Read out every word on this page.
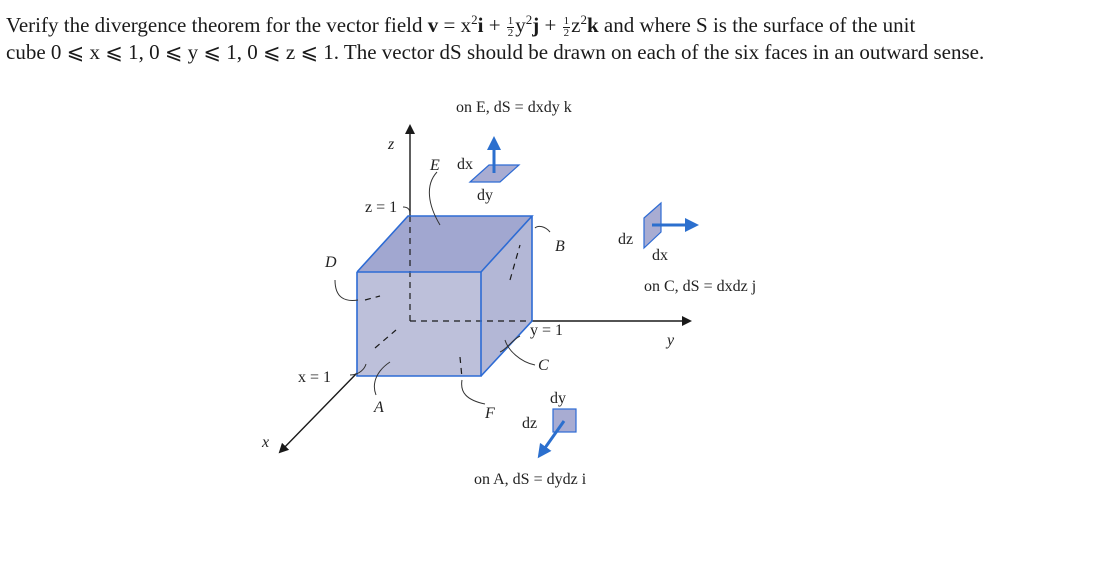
Verify the divergence theorem for the vector field $v = x^2i + \frac{1}{2} y^2j + \frac{1}{2} z^2k$ and where S is the surface of the unit
cube 0 ⩽ x ⩽ 1, 0 ⩽ y ⩽ 1, 0 ⩽ z ⩽ 1. The vector dS should be drawn on each of the six faces in an outward sense.

on E, dS = dxdy k
on C, dS = dxdz j
on A, dS = dydz i
z
y
x
z = 1
y = 1
x = 1
E
B
C
D
A	F
dx
dy
dz
dx
dy
dz
